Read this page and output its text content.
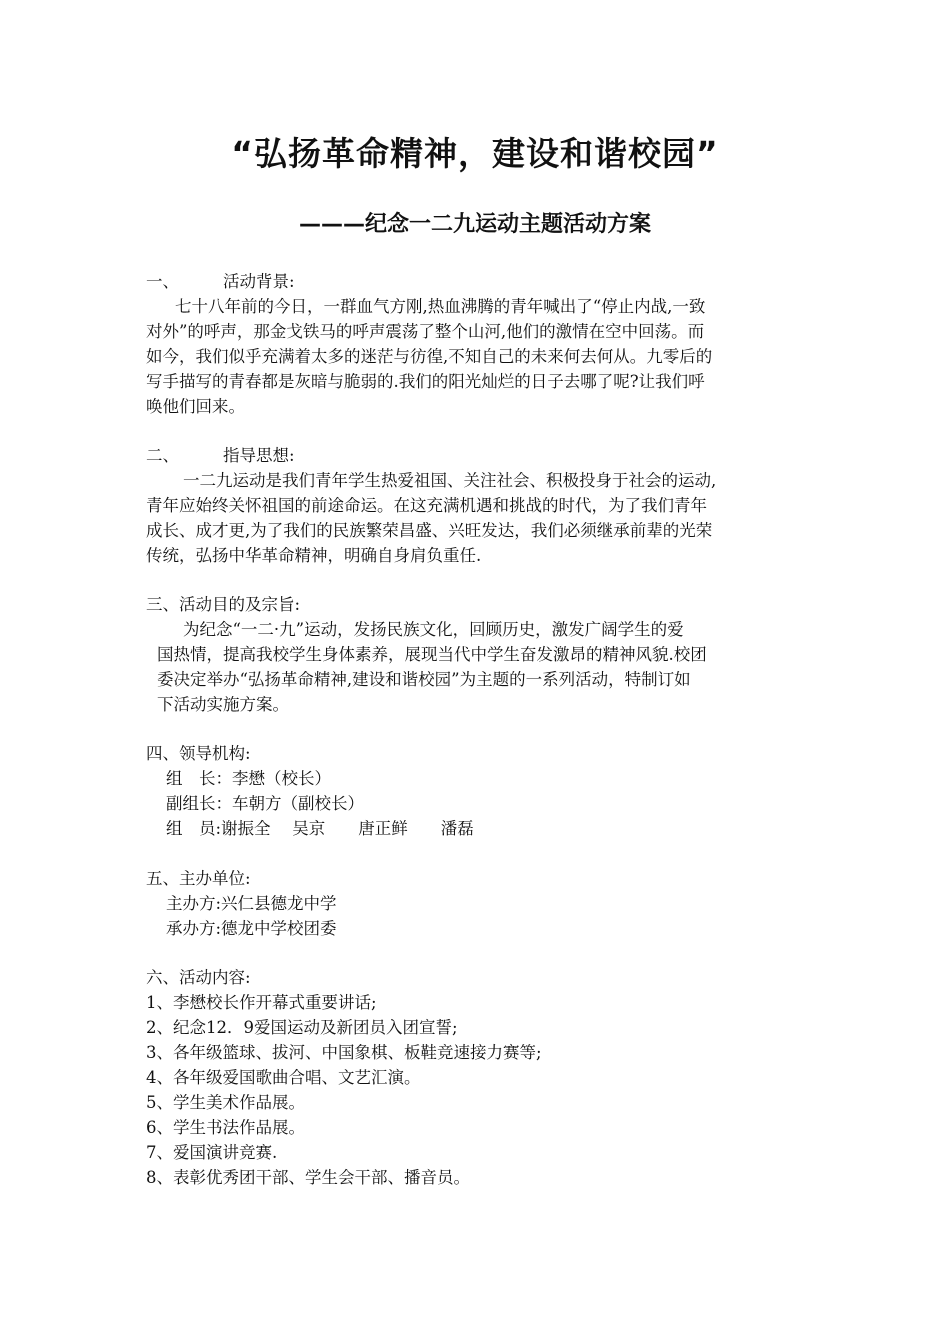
“弘扬革命精神，建设和谐校园”
———纪念一二九运动主题活动方案
一、	活动背景:
七十八年前的今日，一群血气方刚,热血沸腾的青年喊出了“停止内战,一致
对外”的呼声，那金戈铁马的呼声震荡了整个山河,他们的激情在空中回荡。而
如今，我们似乎充满着太多的迷茫与彷徨,不知自己的未来何去何从。九零后的
写手描写的青春都是灰暗与脆弱的.我们的阳光灿烂的日子去哪了呢?让我们呼
唤他们回来。
二、	指导思想:
一二九运动是我们青年学生热爱祖国、关注社会、积极投身于社会的运动,
青年应始终关怀祖国的前途命运。在这充满机遇和挑战的时代，为了我们青年
成长、成才更,为了我们的民族繁荣昌盛、兴旺发达，我们必须继承前辈的光荣
传统，弘扬中华革命精神，明确自身肩负重任.
三、活动目的及宗旨:
为纪念“一二·九”运动，发扬民族文化，回顾历史，激发广阔学生的爱
国热情，提高我校学生身体素养，展现当代中学生奋发激昂的精神风貌.校团
委决定举办“弘扬革命精神,建设和谐校园”为主题的一系列活动，特制订如
下活动实施方案。
四、领导机构:
组　长：李懋（校长）
副组长：车朝方（副校长）
组　员:谢振全　 吴京　　唐正鲜　　潘磊
五、主办单位:
主办方:兴仁县德龙中学
承办方:德龙中学校团委
六、活动内容:
1、李懋校长作开幕式重要讲话;
2、纪念12．9爱国运动及新团员入团宣誓;
3、各年级篮球、拔河、中国象棋、板鞋竞速接力赛等;
4、各年级爱国歌曲合唱、文艺汇演。
5、学生美术作品展。
6、学生书法作品展。
7、爱国演讲竞赛.
8、表彰优秀团干部、学生会干部、播音员。
